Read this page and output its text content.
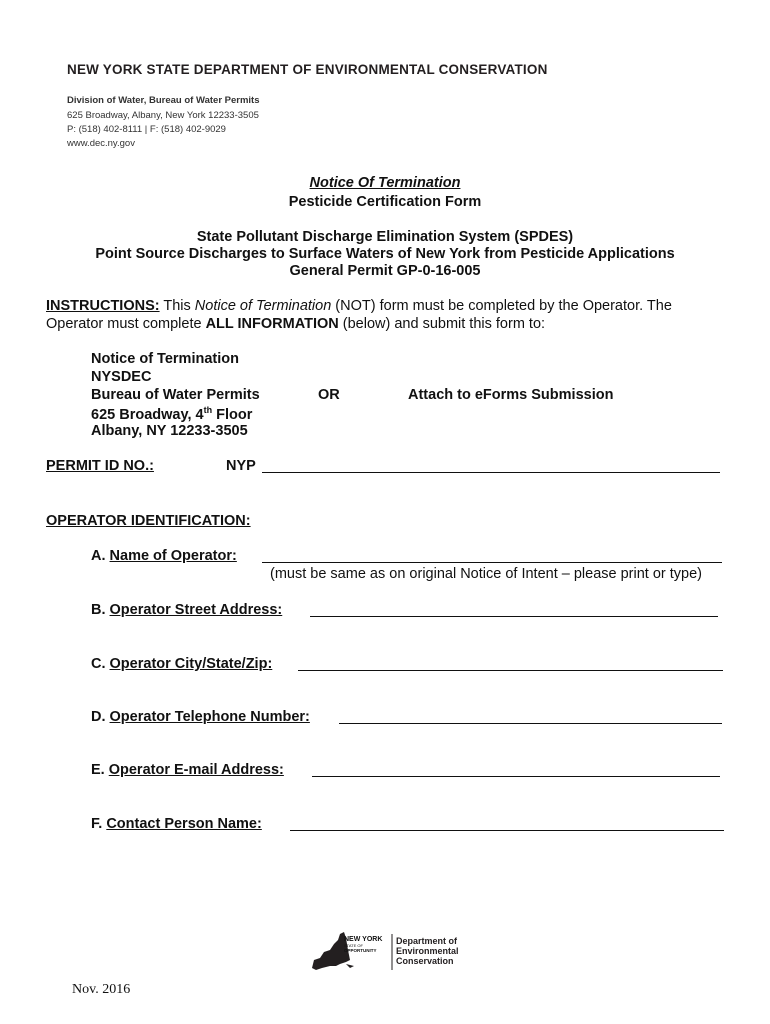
NEW YORK STATE DEPARTMENT OF ENVIRONMENTAL CONSERVATION
Division of Water, Bureau of Water Permits
625 Broadway, Albany, New York 12233-3505
P: (518) 402-8111 | F: (518) 402-9029
www.dec.ny.gov
Notice Of Termination
Pesticide Certification Form
State Pollutant Discharge Elimination System (SPDES)
Point Source Discharges to Surface Waters of New York from Pesticide Applications
General Permit GP-0-16-005
INSTRUCTIONS: This Notice of Termination (NOT) form must be completed by the Operator. The
Operator must complete ALL INFORMATION (below) and submit this form to:
Notice of Termination
NYSDEC
Bureau of Water Permits
625 Broadway, 4th Floor
Albany, NY 12233-3505
OR	Attach to eForms Submission
PERMIT ID NO.:	NYP
OPERATOR IDENTIFICATION:
A. Name of Operator:
(must be same as on original Notice of Intent – please print or type)
B. Operator Street Address:
C. Operator City/State/Zip:
D. Operator Telephone Number:
E. Operator E-mail Address:
F. Contact Person Name:
NEW YORK
STATE OF
OPPORTUNITY
Department of
Environmental
Conservation
Nov. 2016
